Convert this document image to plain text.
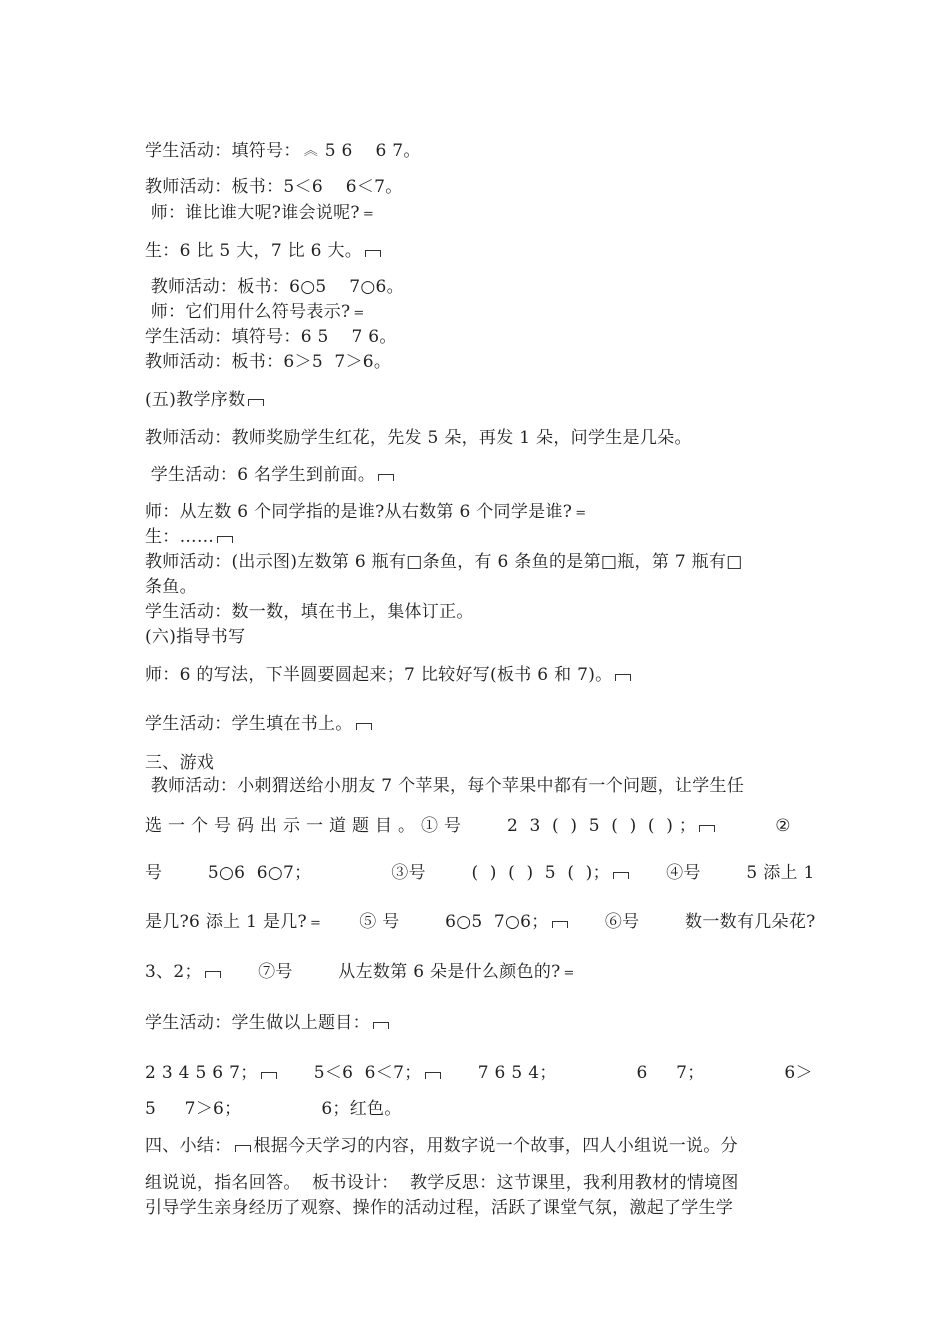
学生活动：填符号：︽ 5 6    6 7。
教师活动：板书：5＜6    6＜7。
师：谁比谁大呢?谁会说呢?=
生：6 比 5 大，7 比 6 大。
教师活动：板书：6○5    7○6。
师：它们用什么符号表示?=
学生活动：填符号：6 5    7 6。
教师活动：板书：6＞5  7＞6。
(五)教学序数
教师活动：教师奖励学生红花，先发 5 朵，再发 1 朵，问学生是几朵。
学生活动：6 名学生到前面。
师：从左数 6 个同学指的是谁?从右数第 6 个同学是谁?=
生：……
教师活动：(出示图)左数第 6 瓶有□条鱼，有 6 条鱼的是第□瓶，第 7 瓶有□
条鱼。
学生活动：数一数，填在书上，集体订正。
(六)指导书写
师：6 的写法，下半圆要圆起来；7 比较好写(板书 6 和 7)。
学生活动：学生填在书上。
三、游戏
教师活动：小刺猬送给小朋友 7 个苹果，每个苹果中都有一个问题，让学生任
选 一 个 号 码 出 示 一 道 题 目 。 ① 号        2  3  (  )  5  (  )  (  ) ；          ②
号        5○6  6○7；              ③号        (  )  (  )  5  (  )；      ④号        5 添上 1
是几?6 添上 1 是几?=       ⑤ 号        6○5  7○6；      ⑥号        数一数有几朵花?
3、2；      ⑦号        从左数第 6 朵是什么颜色的?=
学生活动：学生做以上题目：
2 3 4 5 6 7；      5＜6  6＜7；      7 6 5 4；              6     7；              6＞
5     7＞6；              6；红色。
四、小结： 根据今天学习的内容，用数字说一个故事，四人小组说一说。分
组说说，指名回答。  板书设计：  教学反思：这节课里，我利用教材的情境图
引导学生亲身经历了观察、操作的活动过程，活跃了课堂气氛，激起了学生学
